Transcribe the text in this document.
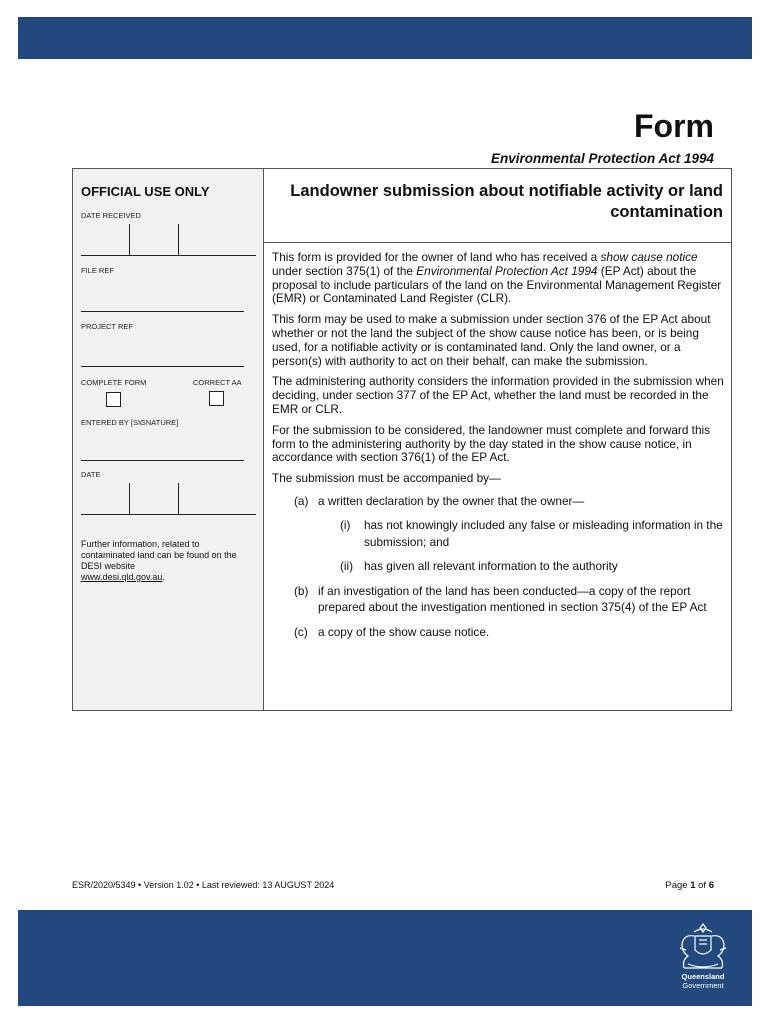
Form
Environmental Protection Act 1994
OFFICIAL USE ONLY
DATE RECEIVED
FILE REF
PROJECT REF
COMPLETE FORM	CORRECT AA
ENTERED BY [SIGNATURE]
DATE
Further information, related to contaminated land can be found on the DESI website
www.desi.qld.gov.au.
Landowner submission about notifiable activity or land contamination

This form is provided for the owner of land who has received a show cause notice under section 375(1) of the Environmental Protection Act 1994 (EP Act) about the proposal to include particulars of the land on the Environmental Management Register (EMR) or Contaminated Land Register (CLR).

This form may be used to make a submission under section 376 of the EP Act about whether or not the land the subject of the show cause notice has been, or is being used, for a notifiable activity or is contaminated land. Only the land owner, or a person(s) with authority to act on their behalf, can make the submission.

The administering authority considers the information provided in the submission when deciding, under section 377 of the EP Act, whether the land must be recorded in the EMR or CLR.

For the submission to be considered, the landowner must complete and forward this form to the administering authority by the day stated in the show cause notice, in accordance with section 376(1) of the EP Act.

The submission must be accompanied by—

(a) a written declaration by the owner that the owner—
(i)	has not knowingly included any false or misleading information in the submission; and
(ii) has given all relevant information to the authority
(b) if an investigation of the land has been conducted—a copy of the report prepared about the investigation mentioned in section 375(4) of the EP Act
(c) a copy of the show cause notice.
ESR/2020/5349 • Version 1.02 • Last reviewed: 13 AUGUST 2024	Page 1 of 6
Queensland
Government
